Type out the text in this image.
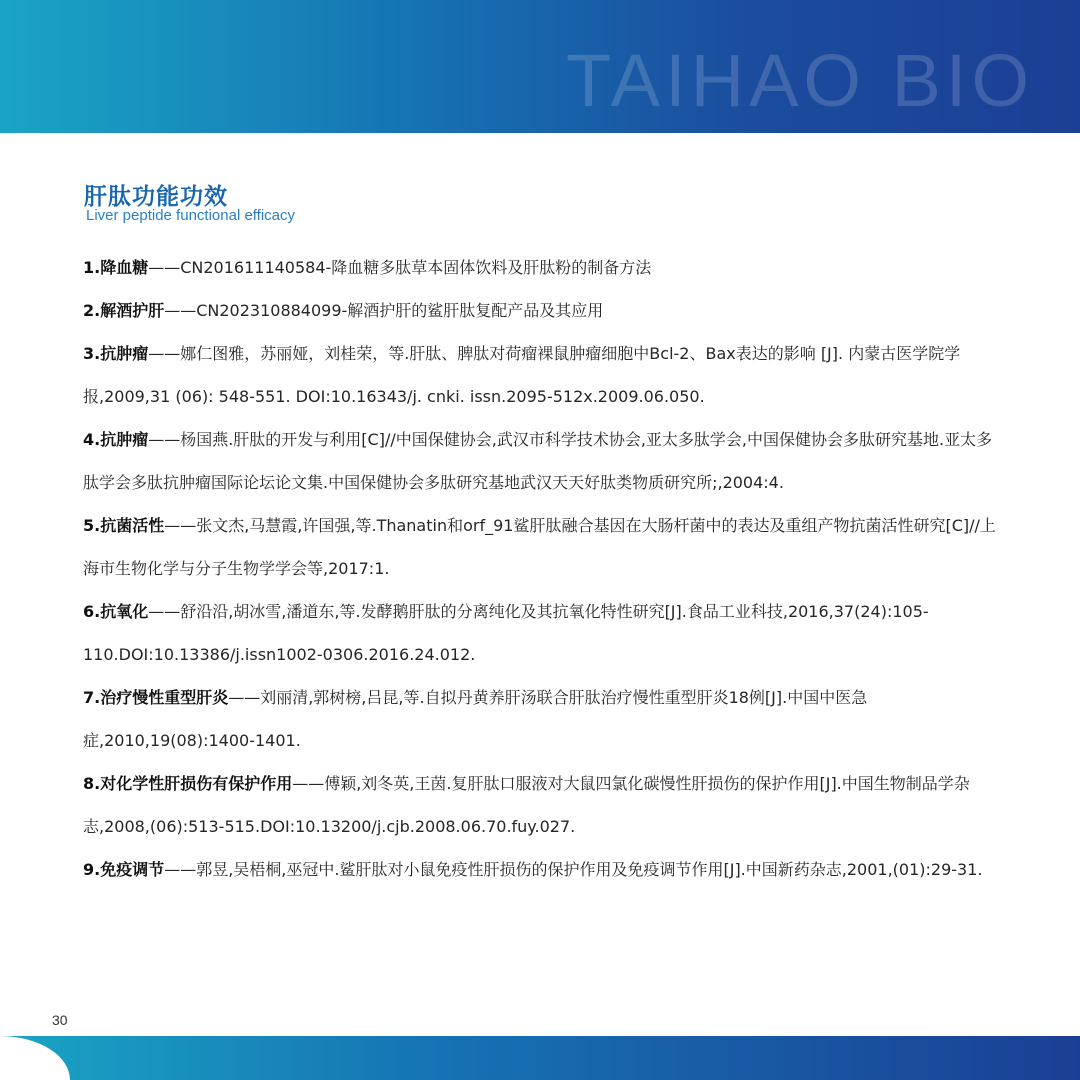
TAIHAO BIO
肝肽功能功效
Liver peptide functional efficacy

1.降血糖——CN201611140584-降血糖多肽草本固体饮料及肝肽粉的制备方法

2.解酒护肝——CN202310884099-解酒护肝的鲨肝肽复配产品及其应用

3.抗肿瘤——娜仁图雅，苏丽娅，刘桂荣，等.肝肽、脾肽对荷瘤裸鼠肿瘤细胞中Bcl-2、Bax表达的影响 [J]. 内蒙古医学院学报,2009,31 (06): 548-551. DOI:10.16343/j. cnki. issn.2095-512x.2009.06.050.

4.抗肿瘤——杨国燕.肝肽的开发与利用[C]//中国保健协会,武汉市科学技术协会,亚太多肽学会,中国保健协会多肽研究基地.亚太多肽学会多肽抗肿瘤国际论坛论文集.中国保健协会多肽研究基地武汉天天好肽类物质研究所;,2004:4.

5.抗菌活性——张文杰,马慧霞,许国强,等.Thanatin和orf_91鲨肝肽融合基因在大肠杆菌中的表达及重组产物抗菌活性研究[C]//上海市生物化学与分子生物学学会等,2017:1.

6.抗氧化——舒沿沿,胡冰雪,潘道东,等.发酵鹅肝肽的分离纯化及其抗氧化特性研究[J].食品工业科技,2016,37(24):105-110.DOI:10.13386/j.issn1002-0306.2016.24.012.

7.治疗慢性重型肝炎——刘丽清,郭树榜,吕昆,等.自拟丹黄养肝汤联合肝肽治疗慢性重型肝炎18例[J].中国中医急症,2010,19(08):1400-1401.

8.对化学性肝损伤有保护作用——傅颖,刘冬英,王茵.复肝肽口服液对大鼠四氯化碳慢性肝损伤的保护作用[J].中国生物制品学杂志,2008,(06):513-515.DOI:10.13200/j.cjb.2008.06.70.fuy.027.

9.免疫调节——郭昱,吴梧桐,巫冠中.鲨肝肽对小鼠免疫性肝损伤的保护作用及免疫调节作用[J].中国新药杂志,2001,(01):29-31.

30
